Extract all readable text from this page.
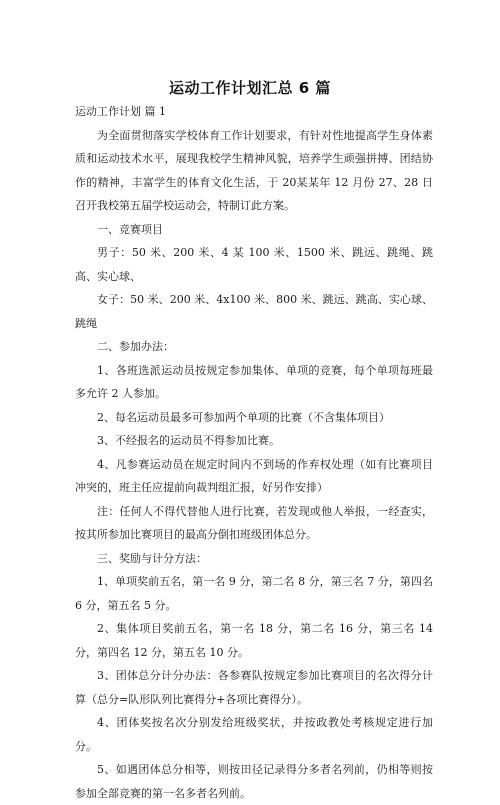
运动工作计划汇总 6 篇

运动工作计划 篇 1

为全面贯彻落实学校体育工作计划要求，有针对性地提高学生身体素质和运动技术水平，展现我校学生精神风貌，培养学生顽强拼搏、团结协作的精神，丰富学生的体育文化生活，于 20某某年 12 月份 27、28 日召开我校第五届学校运动会，特制订此方案。

一、竞赛项目

男子：50 米、200 米、4 某 100 米、1500 米、跳远、跳绳、跳高、实心球、

女子：50 米、200 米、4x100 米、800 米、跳远、跳高、实心球、跳绳

二、参加办法：

1、各班选派运动员按规定参加集体、单项的竞赛，每个单项每班最多允许 2 人参加。

2、每名运动员最多可参加两个单项的比赛（不含集体项目）

3、不经报名的运动员不得参加比赛。

4、凡参赛运动员在规定时间内不到场的作弃权处理（如有比赛项目冲突的，班主任应提前向裁判组汇报，好另作安排）

注：任何人不得代替他人进行比赛，若发现或他人举报，一经查实，按其所参加比赛项目的最高分倒扣班级团体总分。

三、奖励与计分方法：

1、单项奖前五名，第一名 9 分，第二名 8 分，第三名 7 分，第四名 6 分，第五名 5 分。

2、集体项目奖前五名，第一名 18 分，第二名 16 分，第三名 14 分，第四名 12 分，第五名 10 分。

3、团体总分计分办法：各参赛队按规定参加比赛项目的名次得分计算（总分=队形队列比赛得分+各项比赛得分）。

4、团体奖按名次分别发给班级奖状，并按政教处考核规定进行加分。

5、如遇团体总分相等，则按田径记录得分多者名列前，仍相等则按参加全部竞赛的第一名多者名列前。
